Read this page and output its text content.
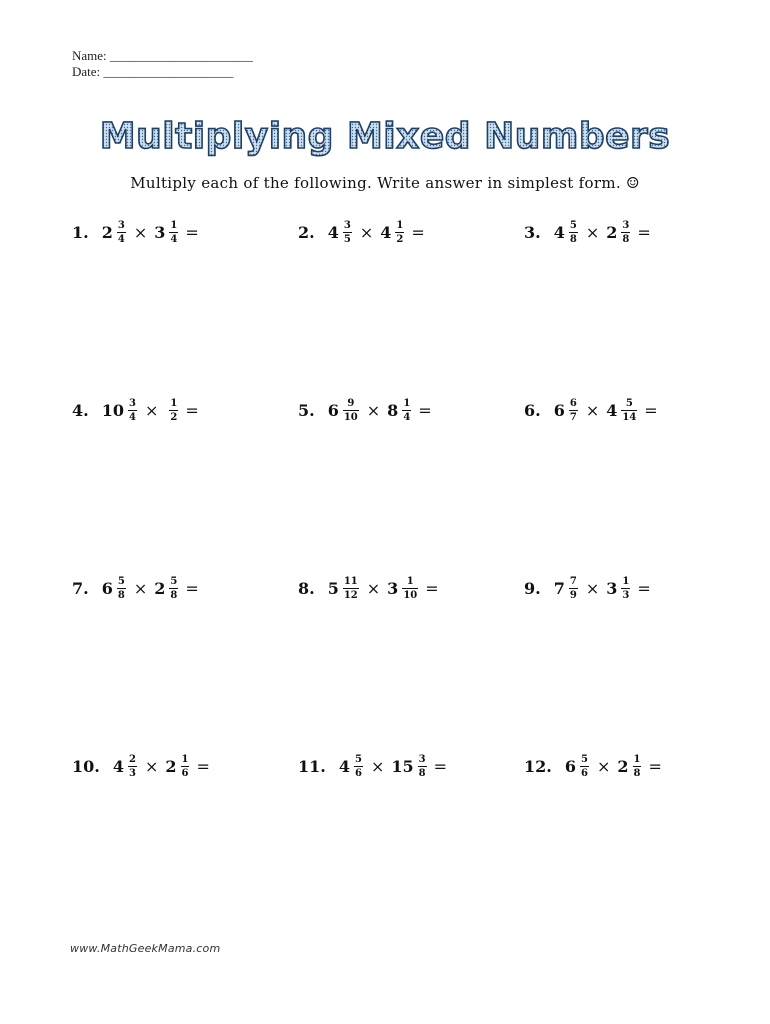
Name: ______________________
Date: ____________________
Multiplying Mixed Numbers
Multiply each of the following. Write answer in simplest form. ☺
1. $2 \frac{3}{4} \times 3 \frac{1}{4}$ =	2. $4 \frac{3}{5} \times 4 \frac{1}{2}$ =	3. $4 \frac{5}{8} \times 2 \frac{3}{8}$ =
4. $10 \frac{3}{4} \times \frac{1}{2}$ =	5. $6 \frac{9}{10} \times 8 \frac{1}{4}$ =	6. $6 \frac{6}{7} \times 4 \frac{5}{14}$ =
7. $6 \frac{5}{8} \times 2 \frac{5}{8}$ =	8. $5 \frac{11}{12} \times 3 \frac{1}{10}$ =	9. $7 \frac{7}{9} \times 3 \frac{1}{3}$ =
10. $4 \frac{2}{3} \times 2 \frac{1}{6}$ =	11. $4 \frac{5}{6} \times 15 \frac{3}{8}$ =	12. $6 \frac{5}{6} \times 2 \frac{1}{8}$ =
www.MathGeekMama.com
